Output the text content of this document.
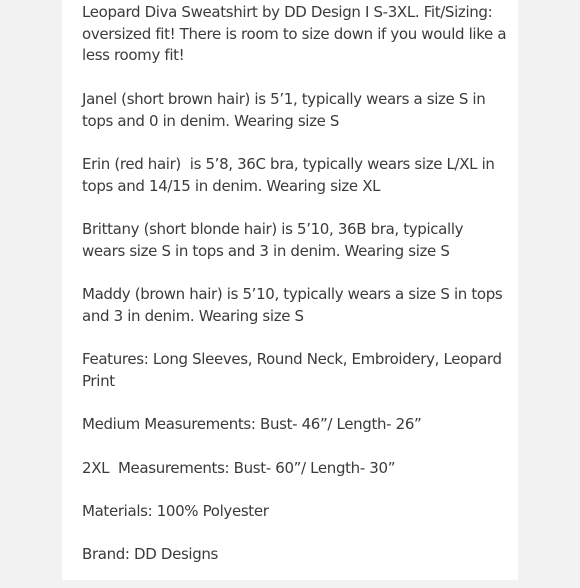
Leopard Diva Sweatshirt by DD Design I S-3XL. Fit/Sizing: oversized fit! There is room to size down if you would like a less roomy fit!

Janel (short brown hair) is 5’1, typically wears a size S in tops and 0 in denim. Wearing size S

Erin (red hair)  is 5’8, 36C bra, typically wears size L/XL in tops and 14/15 in denim. Wearing size XL

Brittany (short blonde hair) is 5’10, 36B bra, typically wears size S in tops and 3 in denim. Wearing size S

Maddy (brown hair) is 5’10, typically wears a size S in tops and 3 in denim. Wearing size S

Features: Long Sleeves, Round Neck, Embroidery, Leopard Print

Medium Measurements: Bust- 46”/ Length- 26”

2XL  Measurements: Bust- 60”/ Length- 30”

Materials: 100% Polyester

Brand: DD Designs
